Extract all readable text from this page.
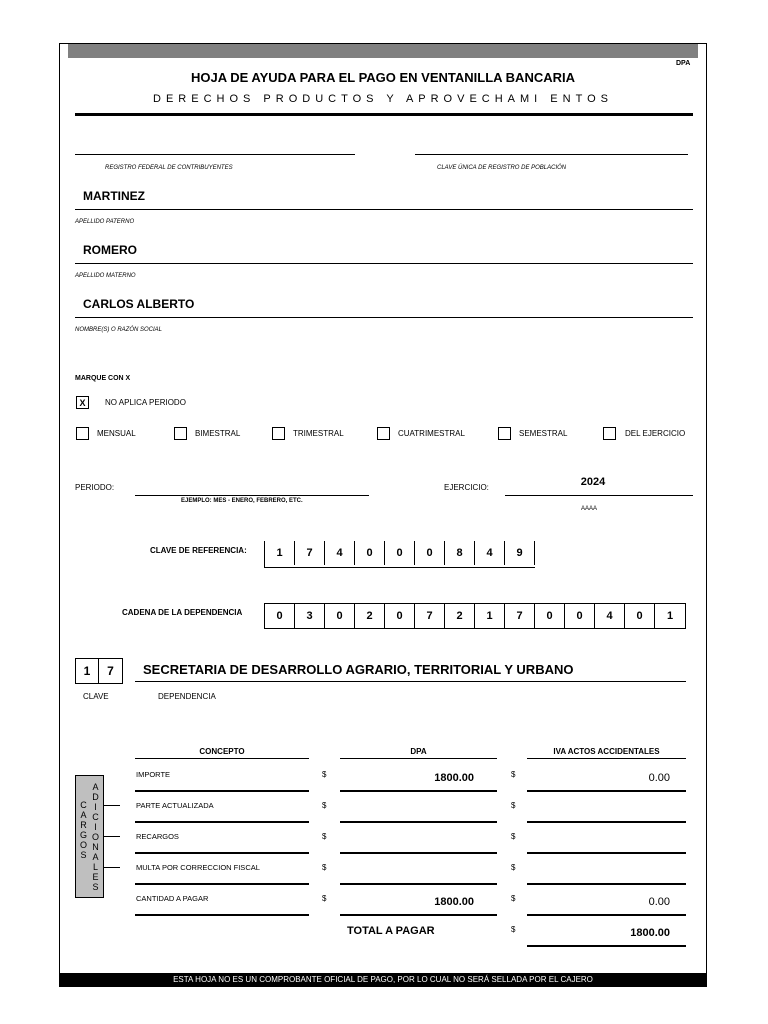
DPA
HOJA DE AYUDA PARA EL PAGO EN VENTANILLA BANCARIA
DERECHOS PRODUCTOS Y APROVECHAMI ENTOS
REGISTRO FEDERAL DE CONTRIBUYENTES	CLAVE ÚNICA DE REGISTRO DE POBLACIÓN
MARTINEZ
APELLIDO PATERNO
ROMERO
APELLIDO MATERNO
CARLOS ALBERTO
NOMBRE(S) O RAZÓN SOCIAL
MARQUE CON X
X	NO APLICA PERIODO
MENSUAL	BIMESTRAL	TRIMESTRAL	CUATRIMESTRAL	SEMESTRAL	DEL EJERCICIO
PERIODO:
EJEMPLO: MES - ENERO, FEBRERO, ETC.
EJERCICIO:	2024
AAAA
CLAVE DE REFERENCIA:	1	7	4	0	0	0	8	4	9
CADENA DE LA DEPENDENCIA	0	3	0	2	0	7	2	1	7	0	0	4	0	1
1	7	SECRETARIA DE DESARROLLO AGRARIO, TERRITORIAL Y URBANO
CLAVE	DEPENDENCIA
CONCEPTO	DPA	IVA ACTOS ACCIDENTALES
C
A
R
G
O
S
A
D
I
C
I
O
N
A
L
E
S
IMPORTE	$	1800.00	$	0.00
PARTE ACTUALIZADA	$	$
RECARGOS	$	$
MULTA POR CORRECCION FISCAL	$	$
CANTIDAD A PAGAR	$	1800.00	$	0.00
TOTAL A PAGAR	$	1800.00
ESTA HOJA NO ES UN COMPROBANTE OFICIAL DE PAGO, POR LO CUAL NO SERÁ SELLADA POR EL CAJERO
